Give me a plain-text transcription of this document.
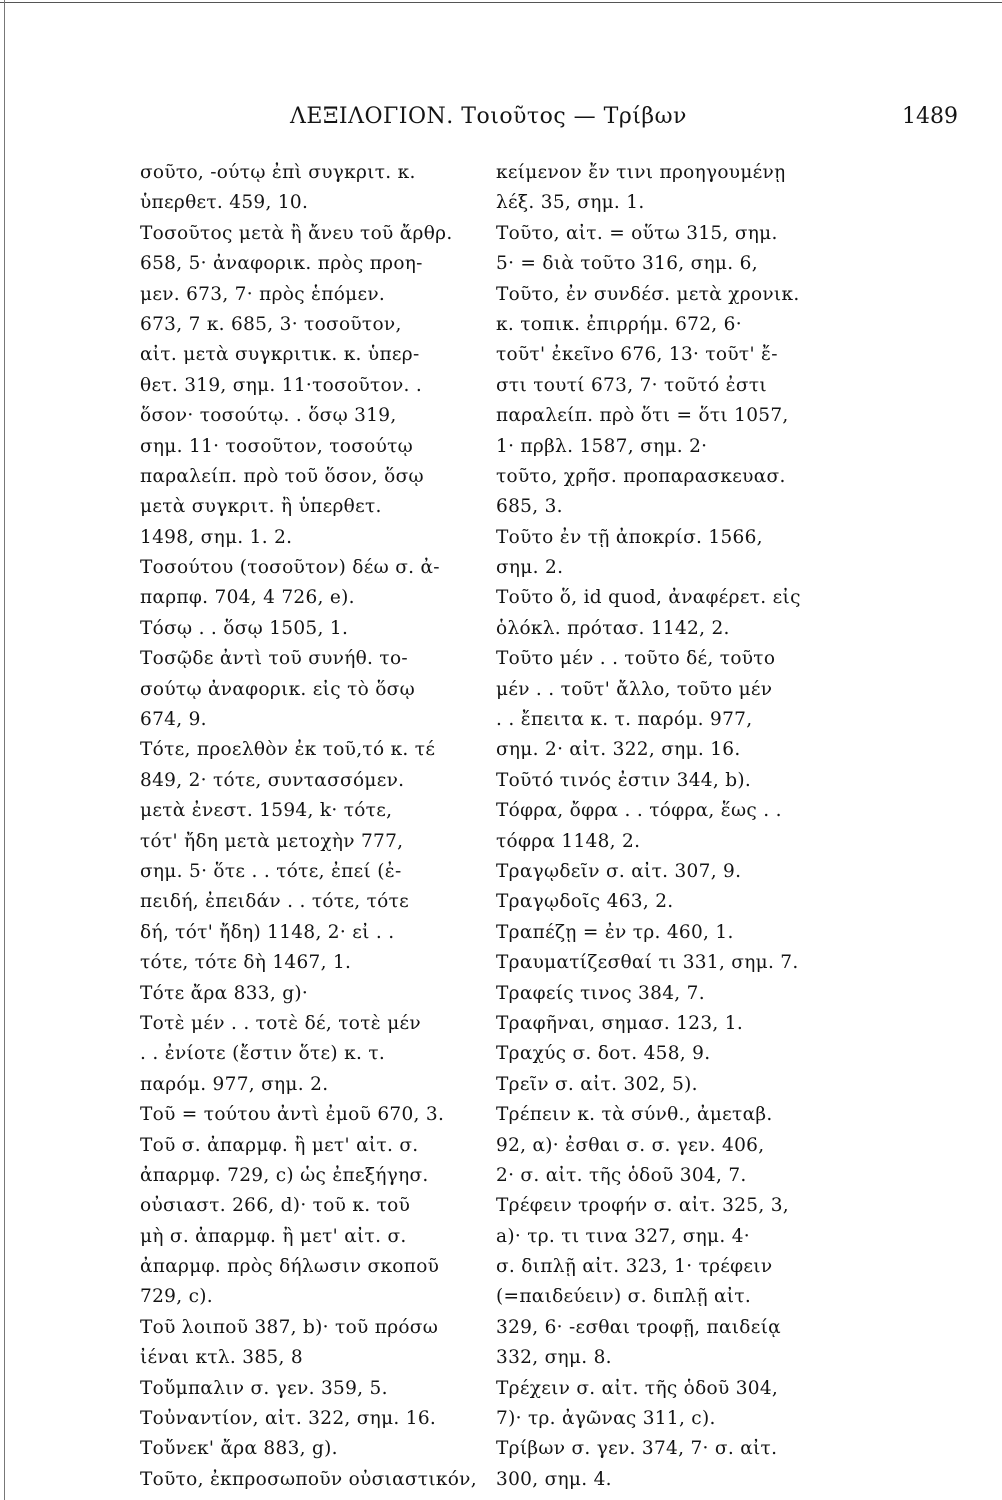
ΛΕΞΙΛΟΓΙΟΝ. Τοιοῦτος — Τρίβων	1489
σοῦτο, -ούτῳ ἐπὶ συγκριτ. κ.
ὑπερθετ. 459, 10.
Τοσοῦτος μετὰ ἢ ἄνευ τοῦ ἄρθρ.
658, 5· ἀναφορικ. πρὸς προη-
μεν. 673, 7· πρὸς ἑπόμεν.
673, 7 κ. 685, 3· τοσοῦτον,
αἰτ. μετὰ συγκριτικ. κ. ὑπερ-
θετ. 319, σημ. 11·τοσοῦτον. .
ὅσον· τοσούτῳ. . ὅσῳ 319,
σημ. 11· τοσοῦτον, τοσούτῳ
παραλείπ. πρὸ τοῦ ὅσον, ὅσῳ
μετὰ συγκριτ. ἢ ὑπερθετ.
1498, σημ. 1. 2.
Τοσούτου (τοσοῦτον) δέω σ. ἀ-
παρπφ. 704, 4 726, e).
Τόσῳ . . ὅσῳ 1505, 1.
Τοσῷδε ἀντὶ τοῦ συνήθ. το-
σούτῳ ἀναφορικ. εἰς τὸ ὅσῳ
674, 9.
Τότε, προελθὸν ἐκ τοῦ,τό κ. τέ
849, 2· τότε, συντασσόμεν.
μετὰ ἐνεστ. 1594, k· τότε,
τότ' ἤδη μετὰ μετοχὴν 777,
σημ. 5· ὅτε . . τότε, ἐπεί (ἐ-
πειδή, ἐπειδάν . . τότε, τότε
δή, τότ' ἤδη) 1148, 2· εἰ . .
τότε, τότε δὴ 1467, 1.
Τότε ἄρα 833, g)·
Τοτὲ μέν . . τοτὲ δέ, τοτὲ μέν
. . ἐνίοτε (ἔστιν ὅτε) κ. τ.
παρόμ. 977, σημ. 2.
Τοῦ = τούτου ἀντὶ ἐμοῦ 670, 3.
Τοῦ σ. ἀπαρμφ. ἢ μετ' αἰτ. σ.
ἀπαρμφ. 729, c) ὡς ἐπεξήγησ.
οὐσιαστ. 266, d)· τοῦ κ. τοῦ
μὴ σ. ἀπαρμφ. ἢ μετ' αἰτ. σ.
ἀπαρμφ. πρὸς δήλωσιν σκοποῦ
729, c).
Τοῦ λοιποῦ 387, b)· τοῦ πρόσω
ἰέναι κτλ. 385, 8
Τοὔμπαλιν σ. γεν. 359, 5.
Τοὐναντίον, αἰτ. 322, σημ. 16.
Τοὔνεκ' ἄρα 883, g).
Τοῦτο, ἐκπροσωποῦν οὐσιαστικόν,
κείμενον ἔν τινι προηγουμένῃ
λέξ. 35, σημ. 1.
Τοῦτο, αἰτ. = οὕτω 315, σημ.
5· = διὰ τοῦτο 316, σημ. 6,
Τοῦτο, ἐν συνδέσ. μετὰ χρονικ.
κ. τοπικ. ἐπιρρήμ. 672, 6·
τοῦτ' ἐκεῖνο 676, 13· τοῦτ' ἔ-
στι τουτί 673, 7· τοῦτό ἐστι
παραλείπ. πρὸ ὅτι = ὅτι 1057,
1· πρβλ. 1587, σημ. 2·
τοῦτο, χρῆσ. προπαρασκευασ.
685, 3.
Τοῦτο ἐν τῇ ἀποκρίσ. 1566,
σημ. 2.
Τοῦτο ὅ, id quod, ἀναφέρετ. εἰς
ὁλόκλ. πρότασ. 1142, 2.
Τοῦτο μέν . . τοῦτο δέ, τοῦτο
μέν . . τοῦτ' ἄλλο, τοῦτο μέν
. . ἔπειτα κ. τ. παρόμ. 977,
σημ. 2· αἰτ. 322, σημ. 16.
Τοῦτό τινός ἐστιν 344, b).
Τόφρα, ὄφρα . . τόφρα, ἕως . .
τόφρα 1148, 2.
Τραγῳδεῖν σ. αἰτ. 307, 9.
Τραγῳδοῖς 463, 2.
Τραπέζῃ = ἐν τρ. 460, 1.
Τραυματίζεσθαί τι 331, σημ. 7.
Τραφείς τινος 384, 7.
Τραφῆναι, σημασ. 123, 1.
Τραχύς σ. δοτ. 458, 9.
Τρεῖν σ. αἰτ. 302, 5).
Τρέπειν κ. τὰ σύνθ., ἀμεταβ.
92, α)· ἐσθαι σ. σ. γεν. 406,
2· σ. αἰτ. τῆς ὁδοῦ 304, 7.
Τρέφειν τροφήν σ. αἰτ. 325, 3,
a)· τρ. τι τινα 327, σημ. 4·
σ. διπλῇ αἰτ. 323, 1· τρέφειν
(=παιδεύειν) σ. διπλῇ αἰτ.
329, 6· -εσθαι τροφῇ, παιδείᾳ
332, σημ. 8.
Τρέχειν σ. αἰτ. τῆς ὁδοῦ 304,
7)· τρ. ἀγῶνας 311, c).
Τρίβων σ. γεν. 374, 7· σ. αἰτ.
300, σημ. 4.
